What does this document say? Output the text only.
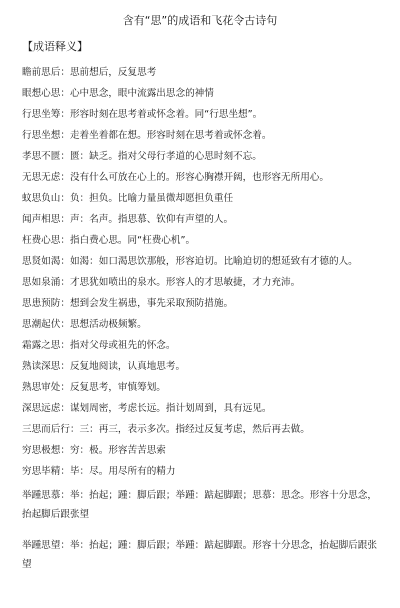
含有“思”的成语和飞花令古诗句
【成语释义】
瞻前思后：思前想后，反复思考
眼想心思：心中思念，眼中流露出思念的神情
行思坐筹：形容时刻在思考着或怀念着。同“行思坐想”。
行思坐想：走着坐着都在想。形容时刻在思考着或怀念着。
孝思不匮：匮：缺乏。指对父母行孝道的心思时刻不忘。
无思无虑：没有什么可放在心上的。形容心胸襟开阔，也形容无所用心。
蚊思负山：负：担负。比喻力量虽微却愿担负重任
闻声相思：声：名声。指思慕、钦仰有声望的人。
枉费心思：指白费心思。同“枉费心机”。
思贤如渴：如渴：如口渴思饮那般，形容迫切。比喻迫切的想延致有才德的人。
思如泉涌：才思犹如喷出的泉水。形容人的才思敏捷，才力充沛。
思患预防：想到会发生祸患，事先采取预防措施。
思潮起伏：思想活动极频繁。
霜露之思：指对父母或祖先的怀念。
熟读深思：反复地阅读，认真地思考。
熟思审处：反复思考，审慎筹划。
深思远虑：谋划周密，考虑长远。指计划周到，具有远见。
三思而后行：三：再三，表示多次。指经过反复考虑，然后再去做。
穷思极想：穷：极。形容苦苦思索
穷思毕精：毕：尽。用尽所有的精力
举踵思慕：举：抬起；踵：脚后跟；举踵：踮起脚跟；思慕：思念。形容十分思念，抬起脚后跟张望
举踵思望：举：抬起；踵：脚后跟；举踵：踮起脚跟。形容十分思念，抬起脚后跟张望
